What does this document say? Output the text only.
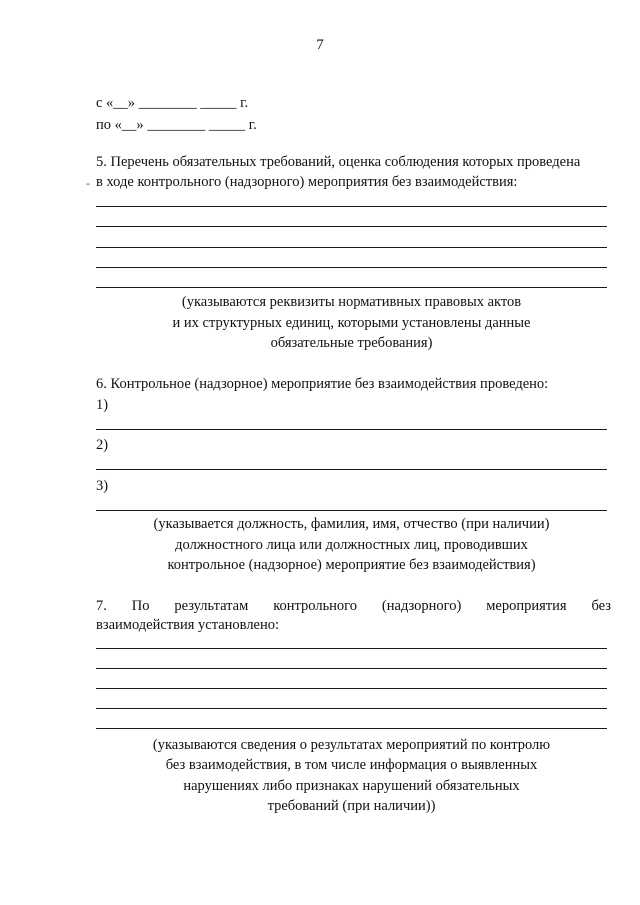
7
с «__» ________ _____ г.
по «__» ________ _____ г.
‐
5. Перечень обязательных требований, оценка соблюдения которых проведена
в ходе контрольного (надзорного) мероприятия без взаимодействия:
(указываются реквизиты нормативных правовых актов
и их структурных единиц, которыми установлены данные
обязательные требования)
6. Контрольное (надзорное) мероприятие без взаимодействия проведено:
1)
2)
3)
(указывается должность, фамилия, имя, отчество (при наличии)
должностного лица или должностных лиц, проводивших
контрольное (надзорное) мероприятие без взаимодействия)
7. По результатам контрольного (надзорного) мероприятия без
взаимодействия установлено:
(указываются сведения о результатах мероприятий по контролю
без взаимодействия, в том числе информация о выявленных
нарушениях либо признаках нарушений обязательных
требований (при наличии))
